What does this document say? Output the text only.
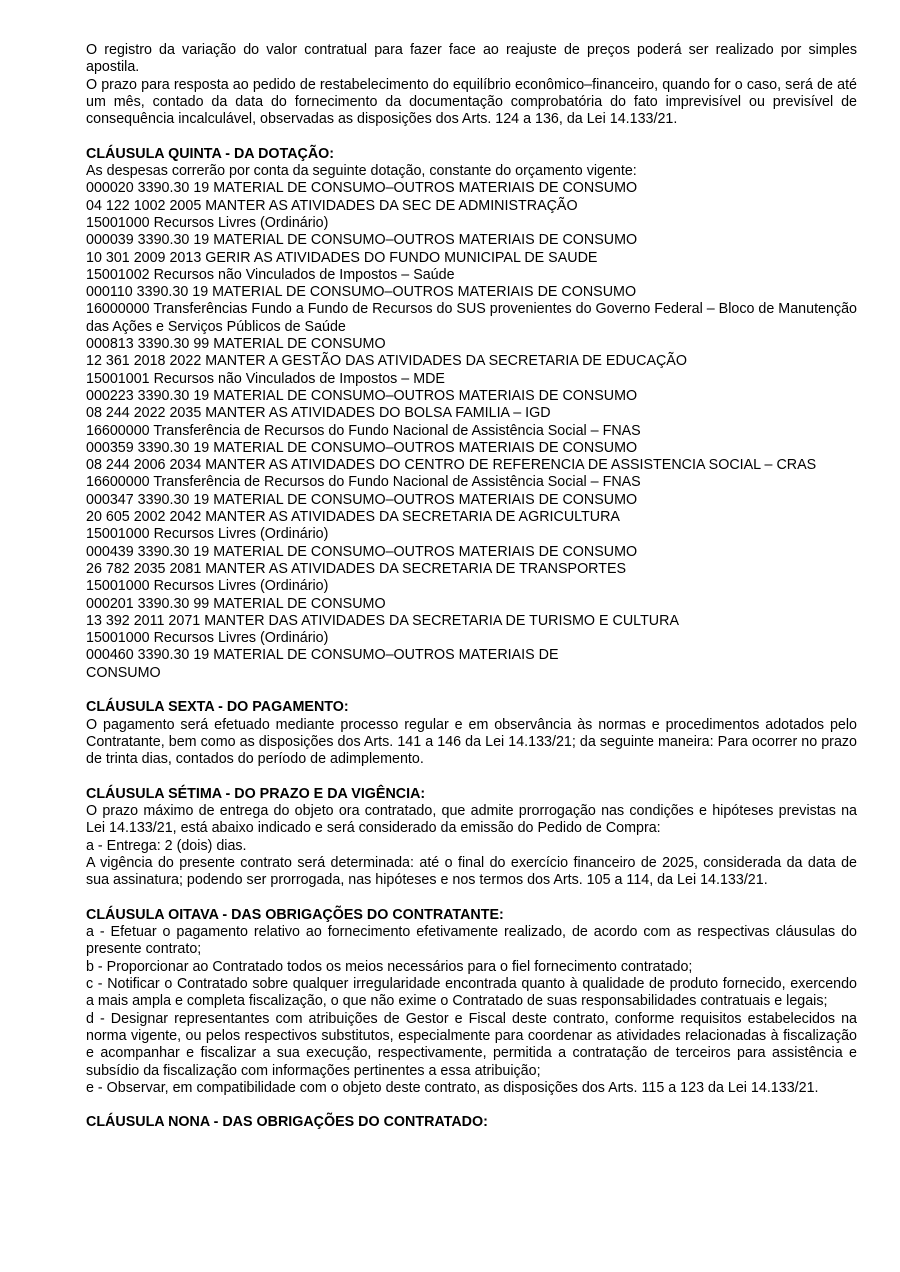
O registro da variação do valor contratual para fazer face ao reajuste de preços poderá ser realizado por simples apostila.

O prazo para resposta ao pedido de restabelecimento do equilíbrio econômico–financeiro, quando for o caso, será de até um mês, contado da data do fornecimento da documentação comprobatória do fato imprevisível ou previsível de consequência incalculável, observadas as disposições dos Arts. 124 a 136, da Lei 14.133/21.

CLÁUSULA QUINTA - DA DOTAÇÃO:

As despesas correrão por conta da seguinte dotação, constante do orçamento vigente:

000020 3390.30 19 MATERIAL DE CONSUMO–OUTROS MATERIAIS DE CONSUMO

04 122 1002 2005 MANTER AS ATIVIDADES DA SEC DE ADMINISTRAÇÃO

15001000 Recursos Livres (Ordinário)

000039 3390.30 19 MATERIAL DE CONSUMO–OUTROS MATERIAIS DE CONSUMO

10 301 2009 2013 GERIR AS ATIVIDADES DO FUNDO MUNICIPAL DE SAUDE

15001002 Recursos não Vinculados de Impostos – Saúde

000110 3390.30 19 MATERIAL DE CONSUMO–OUTROS MATERIAIS DE CONSUMO

16000000 Transferências Fundo a Fundo de Recursos do SUS provenientes do Governo Federal – Bloco de Manutenção das Ações e Serviços Públicos de Saúde

000813 3390.30 99 MATERIAL DE CONSUMO

12 361 2018 2022 MANTER A GESTÃO DAS ATIVIDADES DA SECRETARIA DE EDUCAÇÃO

15001001 Recursos não Vinculados de Impostos – MDE

000223 3390.30 19 MATERIAL DE CONSUMO–OUTROS MATERIAIS DE CONSUMO

08 244 2022 2035 MANTER AS ATIVIDADES DO BOLSA FAMILIA – IGD

16600000 Transferência de Recursos do Fundo Nacional de Assistência Social – FNAS

000359 3390.30 19 MATERIAL DE CONSUMO–OUTROS MATERIAIS DE CONSUMO

08 244 2006 2034 MANTER AS ATIVIDADES DO CENTRO DE REFERENCIA DE ASSISTENCIA SOCIAL – CRAS

16600000 Transferência de Recursos do Fundo Nacional de Assistência Social – FNAS

000347 3390.30 19 MATERIAL DE CONSUMO–OUTROS MATERIAIS DE CONSUMO

20 605 2002 2042 MANTER AS ATIVIDADES DA SECRETARIA DE AGRICULTURA

15001000 Recursos Livres (Ordinário)

000439 3390.30 19 MATERIAL DE CONSUMO–OUTROS MATERIAIS DE CONSUMO

26 782 2035 2081 MANTER AS ATIVIDADES DA SECRETARIA DE TRANSPORTES

15001000 Recursos Livres (Ordinário)

000201 3390.30 99 MATERIAL DE CONSUMO

13 392 2011 2071 MANTER DAS ATIVIDADES DA SECRETARIA DE TURISMO E CULTURA

15001000 Recursos Livres (Ordinário)

000460 3390.30 19 MATERIAL DE CONSUMO–OUTROS MATERIAIS DE

CONSUMO

CLÁUSULA SEXTA - DO PAGAMENTO:

O pagamento será efetuado mediante processo regular e em observância às normas e procedimentos adotados pelo Contratante, bem como as disposições dos Arts. 141 a 146 da Lei 14.133/21; da seguinte maneira: Para ocorrer no prazo de trinta dias, contados do período de adimplemento.

CLÁUSULA SÉTIMA - DO PRAZO E DA VIGÊNCIA:

O prazo máximo de entrega do objeto ora contratado, que admite prorrogação nas condições e hipóteses previstas na Lei 14.133/21, está abaixo indicado e será considerado da emissão do Pedido de Compra:

a - Entrega: 2 (dois) dias.

A vigência do presente contrato será determinada: até o final do exercício financeiro de 2025, considerada da data de sua assinatura; podendo ser prorrogada, nas hipóteses e nos termos dos Arts. 105 a 114, da Lei 14.133/21.

CLÁUSULA OITAVA - DAS OBRIGAÇÕES DO CONTRATANTE:

a - Efetuar o pagamento relativo ao fornecimento efetivamente realizado, de acordo com as respectivas cláusulas do presente contrato;

b - Proporcionar ao Contratado todos os meios necessários para o fiel fornecimento contratado;

c - Notificar o Contratado sobre qualquer irregularidade encontrada quanto à qualidade de produto fornecido, exercendo a mais ampla e completa fiscalização, o que não exime o Contratado de suas responsabilidades contratuais e legais;

d - Designar representantes com atribuições de Gestor e Fiscal deste contrato, conforme requisitos estabelecidos na norma vigente, ou pelos respectivos substitutos, especialmente para coordenar as atividades relacionadas à fiscalização e acompanhar e fiscalizar a sua execução, respectivamente, permitida a contratação de terceiros para assistência e subsídio da fiscalização com informações pertinentes a essa atribuição;

e - Observar, em compatibilidade com o objeto deste contrato, as disposições dos Arts. 115 a 123 da Lei 14.133/21.

CLÁUSULA NONA - DAS OBRIGAÇÕES DO CONTRATADO:
